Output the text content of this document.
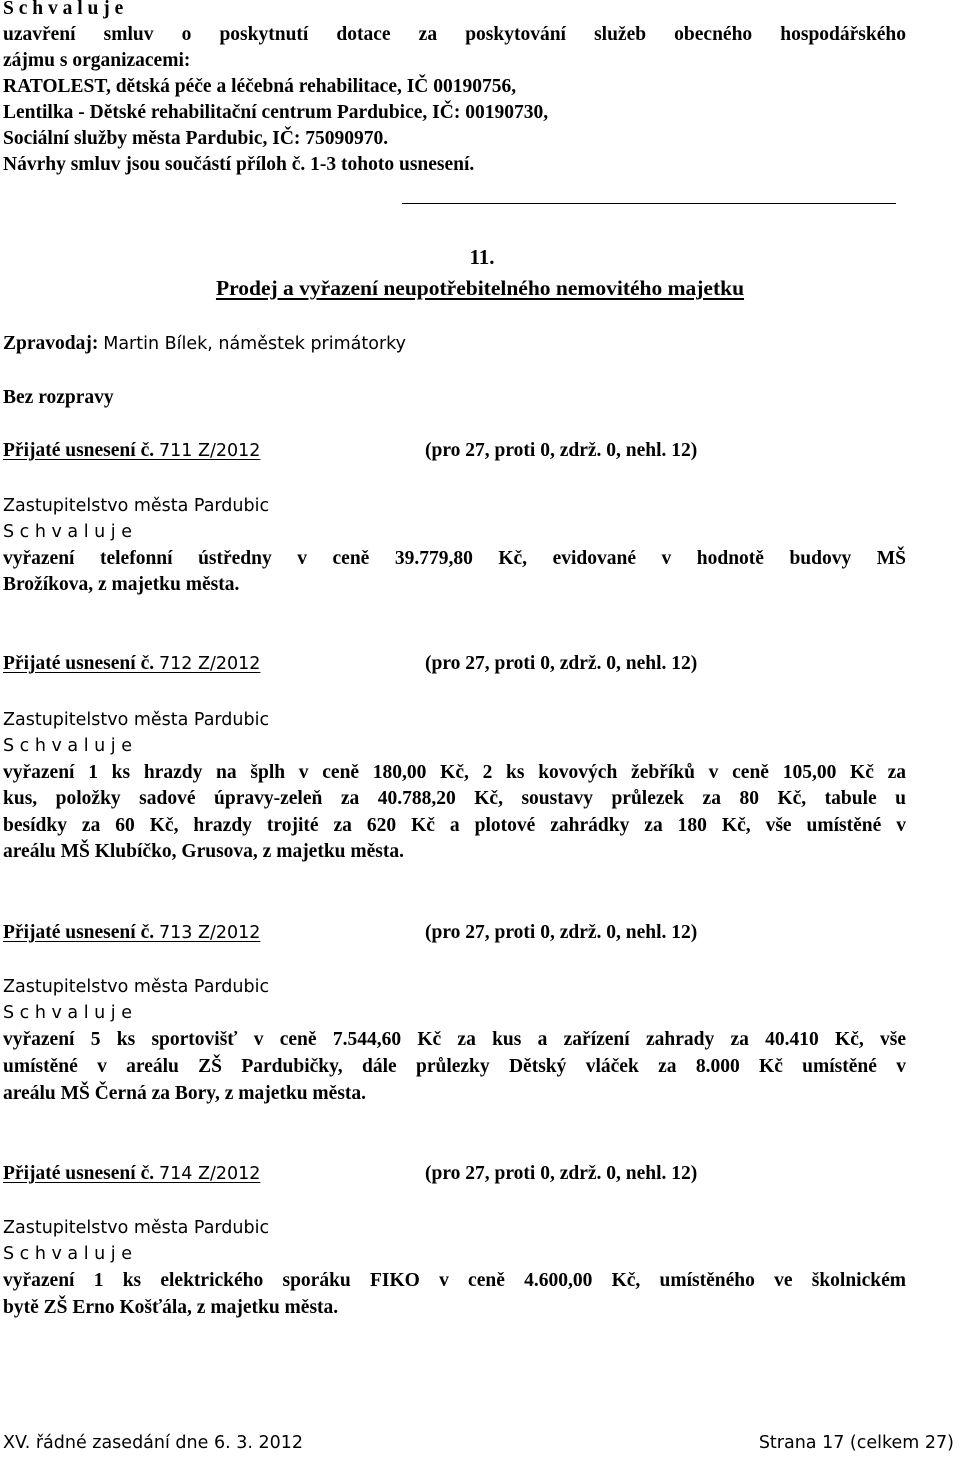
S c h v a l u j e
uzavření smluv o poskytnutí dotace za poskytování služeb obecného hospodářského
zájmu s organizacemi:
RATOLEST, dětská péče a léčebná rehabilitace, IČ 00190756,
Lentilka - Dětské rehabilitační centrum Pardubice, IČ: 00190730,
Sociální služby města Pardubic, IČ: 75090970.
Návrhy smluv jsou součástí příloh č. 1-3 tohoto usnesení.
11.
Prodej a vyřazení neupotřebitelného nemovitého majetku
Zpravodaj: Martin Bílek, náměstek primátorky
Bez rozpravy
Přijaté usnesení č. 711 Z/2012	(pro 27, proti 0, zdrž. 0, nehl. 12)
Zastupitelstvo města Pardubic
S c h v a l u j e
vyřazení telefonní ústředny v ceně 39.779,80 Kč, evidované v hodnotě budovy MŠ
Brožíkova, z majetku města.
Přijaté usnesení č. 712 Z/2012	(pro 27, proti 0, zdrž. 0, nehl. 12)
Zastupitelstvo města Pardubic
S c h v a l u j e
vyřazení 1 ks hrazdy na šplh v ceně 180,00 Kč, 2 ks kovových žebříků v ceně 105,00 Kč za
kus, položky sadové úpravy-zeleň za 40.788,20 Kč, soustavy průlezek za 80 Kč, tabule u
besídky za 60 Kč, hrazdy trojité za 620 Kč a plotové zahrádky za 180 Kč, vše umístěné v
areálu MŠ Klubíčko, Grusova, z majetku města.
Přijaté usnesení č. 713 Z/2012	(pro 27, proti 0, zdrž. 0, nehl. 12)
Zastupitelstvo města Pardubic
S c h v a l u j e
vyřazení 5 ks sportovišť v ceně 7.544,60 Kč za kus a zařízení zahrady za 40.410 Kč, vše
umístěné v areálu ZŠ Pardubičky, dále průlezky Dětský vláček za 8.000 Kč umístěné v
areálu MŠ Černá za Bory, z majetku města.
Přijaté usnesení č. 714 Z/2012	(pro 27, proti 0, zdrž. 0, nehl. 12)
Zastupitelstvo města Pardubic
S c h v a l u j e
vyřazení 1 ks elektrického sporáku FIKO v ceně 4.600,00 Kč, umístěného ve školnickém
bytě ZŠ Erno Košťála, z majetku města.
XV. řádné zasedání dne 6. 3. 2012	Strana 17 (celkem 27)
